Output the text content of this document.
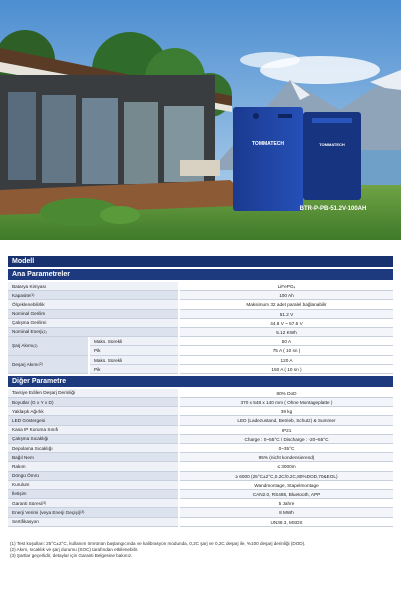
TOMMATECH	TOMMATECH
BTR-P-PB-51.2V-100AH
Modell
Ana Parametreler
Batarya Kimyası	LiFePO₄
Kapasite (1)	100 Ah
Ölçeklenebilirlik	Maksimum 32 adet paralel bağlanabilir
Nominal Gerilim	51.2 V
Çalışma Gerilimi	44.8 V ~ 57.6 V
Nominal Enerji (1)	5.12 KWh
Şarj Akımı (2)
Maks. Sürekli	50 A
Pik	75 A ( 10 sn )
Deşarj Akımı (2)
Maks. Sürekli	120 A
Pik	150 A ( 10 sn )
Diğer Parametre
Tavsiye Edilen Deşarj Derinliği	80% DoD
Boyutlar (G x Y x D)	370 x 548 x 140 mm ( Ohne Montageplatte )
Yaklaşık Ağırlık	39 kg
LED Göstergesi	LED (Ladezustand, Betrieb, Schutz) & Summer
Kasa IP Koruma Sınıfı	IP21
Çalışma Sıcaklığı	Charge : 0~55°C / Discharge : -20~55°C
Depolama Sıcaklığı	0~35°C
Bağıl Nem	95% (nicht kondensierend)
Rakım	≤ 3000m
Döngü Ömrü	≥ 6000 (25°C±2°C,0.2C/0.2C,80%DOD,70&EOL)
Kurulum	Wandmontage, Stapelmontage
İletişim	CAN2.0, RS485, Bluetooth, APP
Garanti Süresi (3)	5 Jahre
Enerji Verimi (veya Enerji Geçişi) (3)	8 MWh
Sertifikasyon	UN38.3, MSDS
(1) Test koşulları: 25°C±2°C, kullanım ömrünün başlangıcında ve kalibrasyon modunda, 0,2C şarj ve 0,2C deşarj ile, %100 deşarj derinliği (DOD).
(2) Akım, sıcaklık ve şarj durumu (SOC) tarafından etkilenebilir.
(3) Şartlar geçerlidir, detaylar için Garanti Belgesine bakınız.
